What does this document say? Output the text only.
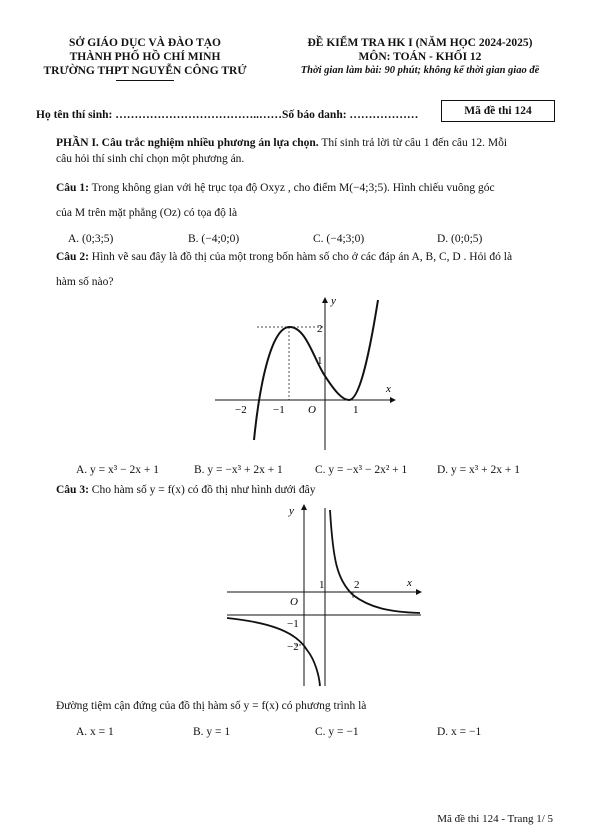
SỞ GIÁO DỤC VÀ ĐÀO TẠO
THÀNH PHỐ HỒ CHÍ MINH
TRƯỜNG THPT NGUYỄN CÔNG TRỨ
ĐỀ KIỂM TRA HK I (NĂM HỌC 2024-2025)
MÔN: TOÁN - KHỐI 12
Thời gian làm bài: 90 phút; không kể thời gian giao đề
Họ tên thí sinh: ………………………………..……Số báo danh: ………………	Mã đề thi 124
PHẦN I. Câu trắc nghiệm nhiều phương án lựa chọn. Thí sinh trả lời từ câu 1 đến câu 12. Mỗi
câu hỏi thí sinh chỉ chọn một phương án.
Câu 1: Trong không gian với hệ trục tọa độ Oxyz , cho điểm M(−4;3;5). Hình chiếu vuông góc
của M trên mặt phẳng (Oz) có tọa độ là
A. (0;3;5)	B. (−4;0;0)	C. (−4;3;0)	D. (0;0;5)
Câu 2: Hình vẽ sau đây là đồ thị của một trong bốn hàm số cho ở các đáp án A, B, C, D . Hỏi đó là
hàm số nào?
y
x
O
−2 −1	1
1
2
A. y = x³ − 2x + 1	B. y = −x³ + 2x + 1	C. y = −x³ − 2x² + 1	D. y = x³ + 2x + 1
Câu 3: Cho hàm số y = f(x) có đồ thị như hình dưới đây
y
x
O
1	2
−1
−2
Đường tiệm cận đứng của đồ thị hàm số y = f(x) có phương trình là
A. x = 1	B. y = 1	C. y = −1	D. x = −1
Mã đề thi 124 - Trang 1/ 5
